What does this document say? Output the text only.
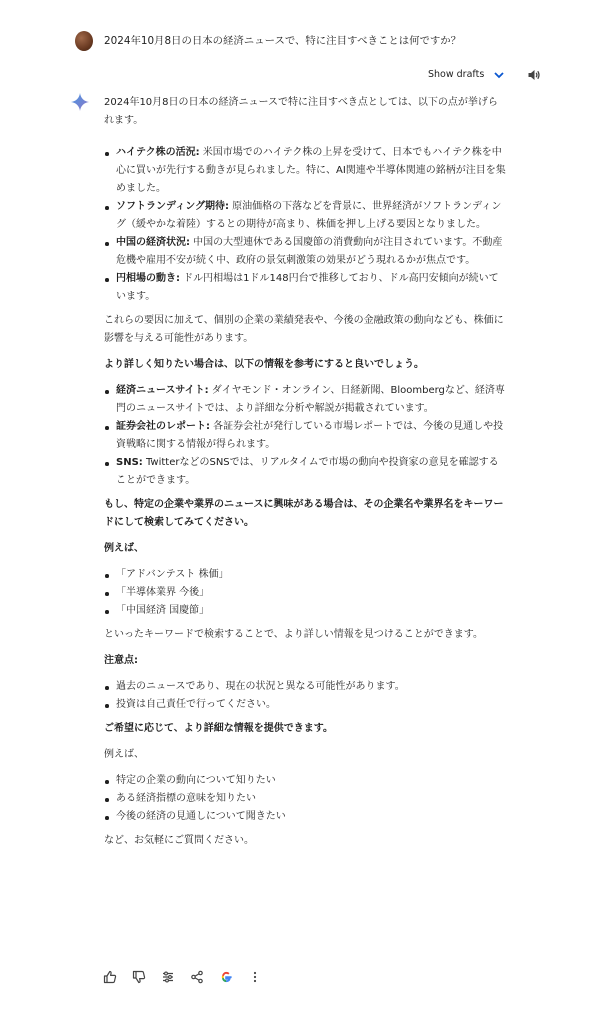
2024年10月8日の日本の経済ニュースで、特に注目すべきことは何ですか？
Show drafts
2024年10月8日の日本の経済ニュースで特に注目すべき点としては、以下の点が挙げられます。
ハイテク株の活況: 米国市場でのハイテク株の上昇を受けて、日本でもハイテク株を中心に買いが先行する動きが見られました。特に、AI関連や半導体関連の銘柄が注目を集めました。
ソフトランディング期待: 原油価格の下落などを背景に、世界経済がソフトランディング（緩やかな着陸）するとの期待が高まり、株価を押し上げる要因となりました。
中国の経済状況: 中国の大型連休である国慶節の消費動向が注目されています。不動産危機や雇用不安が続く中、政府の景気刺激策の効果がどう現れるかが焦点です。
円相場の動き: ドル円相場は1ドル148円台で推移しており、ドル高円安傾向が続いています。
これらの要因に加えて、個別の企業の業績発表や、今後の金融政策の動向なども、株価に影響を与える可能性があります。
より詳しく知りたい場合は、以下の情報を参考にすると良いでしょう。
経済ニュースサイト: ダイヤモンド・オンライン、日経新聞、Bloombergなど、経済専門のニュースサイトでは、より詳細な分析や解説が掲載されています。
証券会社のレポート: 各証券会社が発行している市場レポートでは、今後の見通しや投資戦略に関する情報が得られます。
SNS: TwitterなどのSNSでは、リアルタイムで市場の動向や投資家の意見を確認することができます。
もし、特定の企業や業界のニュースに興味がある場合は、その企業名や業界名をキーワードにして検索してみてください。
例えば、
「アドバンテスト 株価」
「半導体業界 今後」
「中国経済 国慶節」
といったキーワードで検索することで、より詳しい情報を見つけることができます。
注意点:
過去のニュースであり、現在の状況と異なる可能性があります。
投資は自己責任で行ってください。
ご希望に応じて、より詳細な情報を提供できます。
例えば、
特定の企業の動向について知りたい
ある経済指標の意味を知りたい
今後の経済の見通しについて聞きたい
など、お気軽にご質問ください。
